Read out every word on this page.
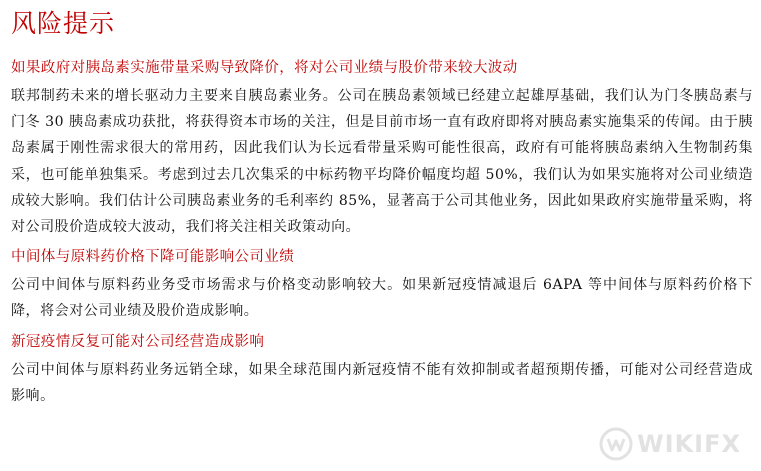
风险提示
如果政府对胰岛素实施带量采购导致降价，将对公司业绩与股价带来较大波动

联邦制药未来的增长驱动力主要来自胰岛素业务。公司在胰岛素领域已经建立起雄厚基础，我们认为门冬胰岛素与门冬 30 胰岛素成功获批，将获得资本市场的关注，但是目前市场一直有政府即将对胰岛素实施集采的传闻。由于胰岛素属于刚性需求很大的常用药，因此我们认为长远看带量采购可能性很高，政府有可能将胰岛素纳入生物制药集采，也可能单独集采。考虑到过去几次集采的中标药物平均降价幅度均超 50%，我们认为如果实施将对公司业绩造成较大影响。我们估计公司胰岛素业务的毛利率约 85%，显著高于公司其他业务，因此如果政府实施带量采购，将对公司股价造成较大波动，我们将关注相关政策动向。

中间体与原料药价格下降可能影响公司业绩

公司中间体与原料药业务受市场需求与价格变动影响较大。如果新冠疫情减退后 6APA 等中间体与原料药价格下降，将会对公司业绩及股价造成影响。

新冠疫情反复可能对公司经营造成影响

公司中间体与原料药业务远销全球，如果全球范围内新冠疫情不能有效抑制或者超预期传播，可能对公司经营造成影响。

WIKIFX
